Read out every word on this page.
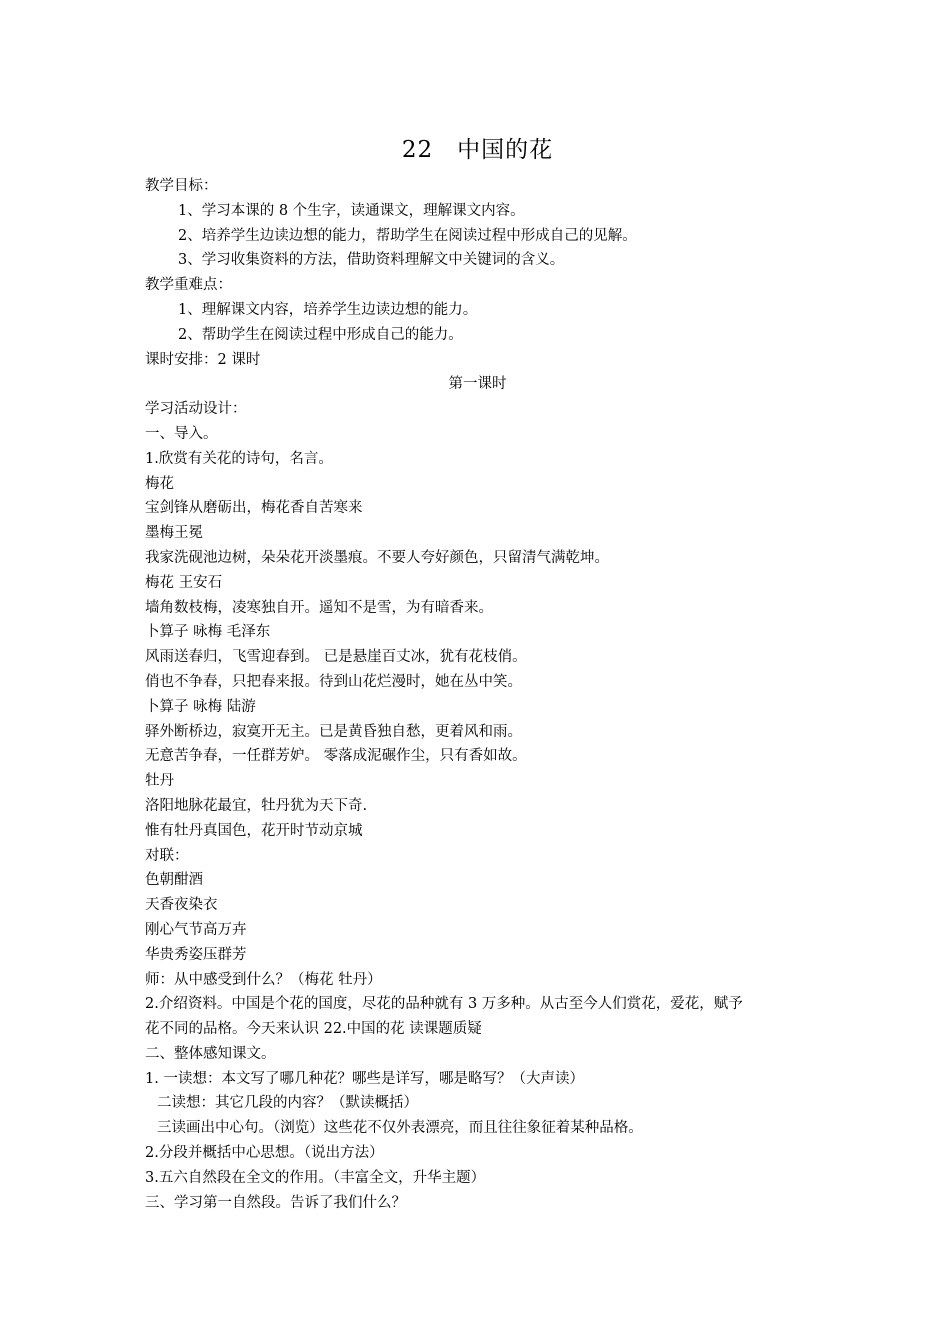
22　中国的花
教学目标：
1、学习本课的 8 个生字，读通课文，理解课文内容。
2、培养学生边读边想的能力，帮助学生在阅读过程中形成自己的见解。
3、学习收集资料的方法，借助资料理解文中关键词的含义。
教学重难点：
1、理解课文内容，培养学生边读边想的能力。
2、帮助学生在阅读过程中形成自己的能力。
课时安排：2 课时
第一课时
学习活动设计：
一、导入。
1.欣赏有关花的诗句，名言。
梅花
宝剑锋从磨砺出，梅花香自苦寒来
墨梅王冕
我家洗砚池边树，朵朵花开淡墨痕。不要人夸好颜色，只留清气满乾坤。
梅花 王安石
墙角数枝梅，凌寒独自开。遥知不是雪，为有暗香来。
卜算子 咏梅 毛泽东
风雨送春归，飞雪迎春到。 已是悬崖百丈冰，犹有花枝俏。
俏也不争春，只把春来报。待到山花烂漫时，她在丛中笑。
卜算子 咏梅 陆游
驿外断桥边，寂寞开无主。已是黄昏独自愁，更着风和雨。
无意苦争春，一任群芳妒。 零落成泥碾作尘，只有香如故。
牡丹
洛阳地脉花最宜，牡丹犹为天下奇.
惟有牡丹真国色，花开时节动京城
对联：
色朝酣酒
天香夜染衣
刚心气节高万卉
华贵秀姿压群芳
师：从中感受到什么？（梅花 牡丹）
2.介绍资料。中国是个花的国度，尽花的品种就有 3 万多种。从古至今人们赏花，爱花，赋予
花不同的品格。今天来认识 22.中国的花 读课题质疑
二、整体感知课文。
1. 一读想：本文写了哪几种花？哪些是详写，哪是略写？（大声读）
二读想：其它几段的内容？（默读概括）
三读画出中心句。（浏览）这些花不仅外表漂亮，而且往往象征着某种品格。
2.分段并概括中心思想。（说出方法）
3.五六自然段在全文的作用。（丰富全文，升华主题）
三、学习第一自然段。告诉了我们什么？
